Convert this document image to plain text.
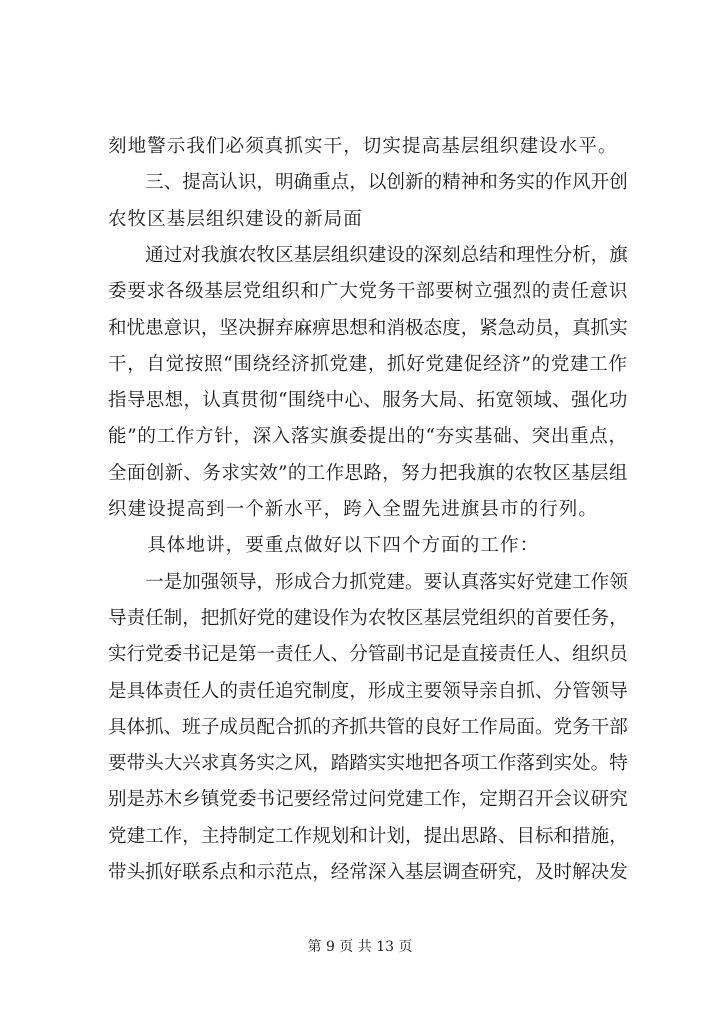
刻地警示我们必须真抓实干，切实提高基层组织建设水平。
　　三、提高认识，明确重点，以创新的精神和务实的作风开创
农牧区基层组织建设的新局面
　　通过对我旗农牧区基层组织建设的深刻总结和理性分析，旗
委要求各级基层党组织和广大党务干部要树立强烈的责任意识
和忧患意识，坚决摒弃麻痹思想和消极态度，紧急动员，真抓实
干，自觉按照“围绕经济抓党建，抓好党建促经济”的党建工作
指导思想，认真贯彻“围绕中心、服务大局、拓宽领域、强化功
能”的工作方针，深入落实旗委提出的“夯实基础、突出重点，
全面创新、务求实效”的工作思路，努力把我旗的农牧区基层组
织建设提高到一个新水平，跨入全盟先进旗县市的行列。
　　具体地讲，要重点做好以下四个方面的工作：
　　一是加强领导，形成合力抓党建。要认真落实好党建工作领
导责任制，把抓好党的建设作为农牧区基层党组织的首要任务，
实行党委书记是第一责任人、分管副书记是直接责任人、组织员
是具体责任人的责任追究制度，形成主要领导亲自抓、分管领导
具体抓、班子成员配合抓的齐抓共管的良好工作局面。党务干部
要带头大兴求真务实之风，踏踏实实地把各项工作落到实处。特
别是苏木乡镇党委书记要经常过问党建工作，定期召开会议研究
党建工作，主持制定工作规划和计划，提出思路、目标和措施，
带头抓好联系点和示范点，经常深入基层调查研究，及时解决发
第 9 页 共 13 页
